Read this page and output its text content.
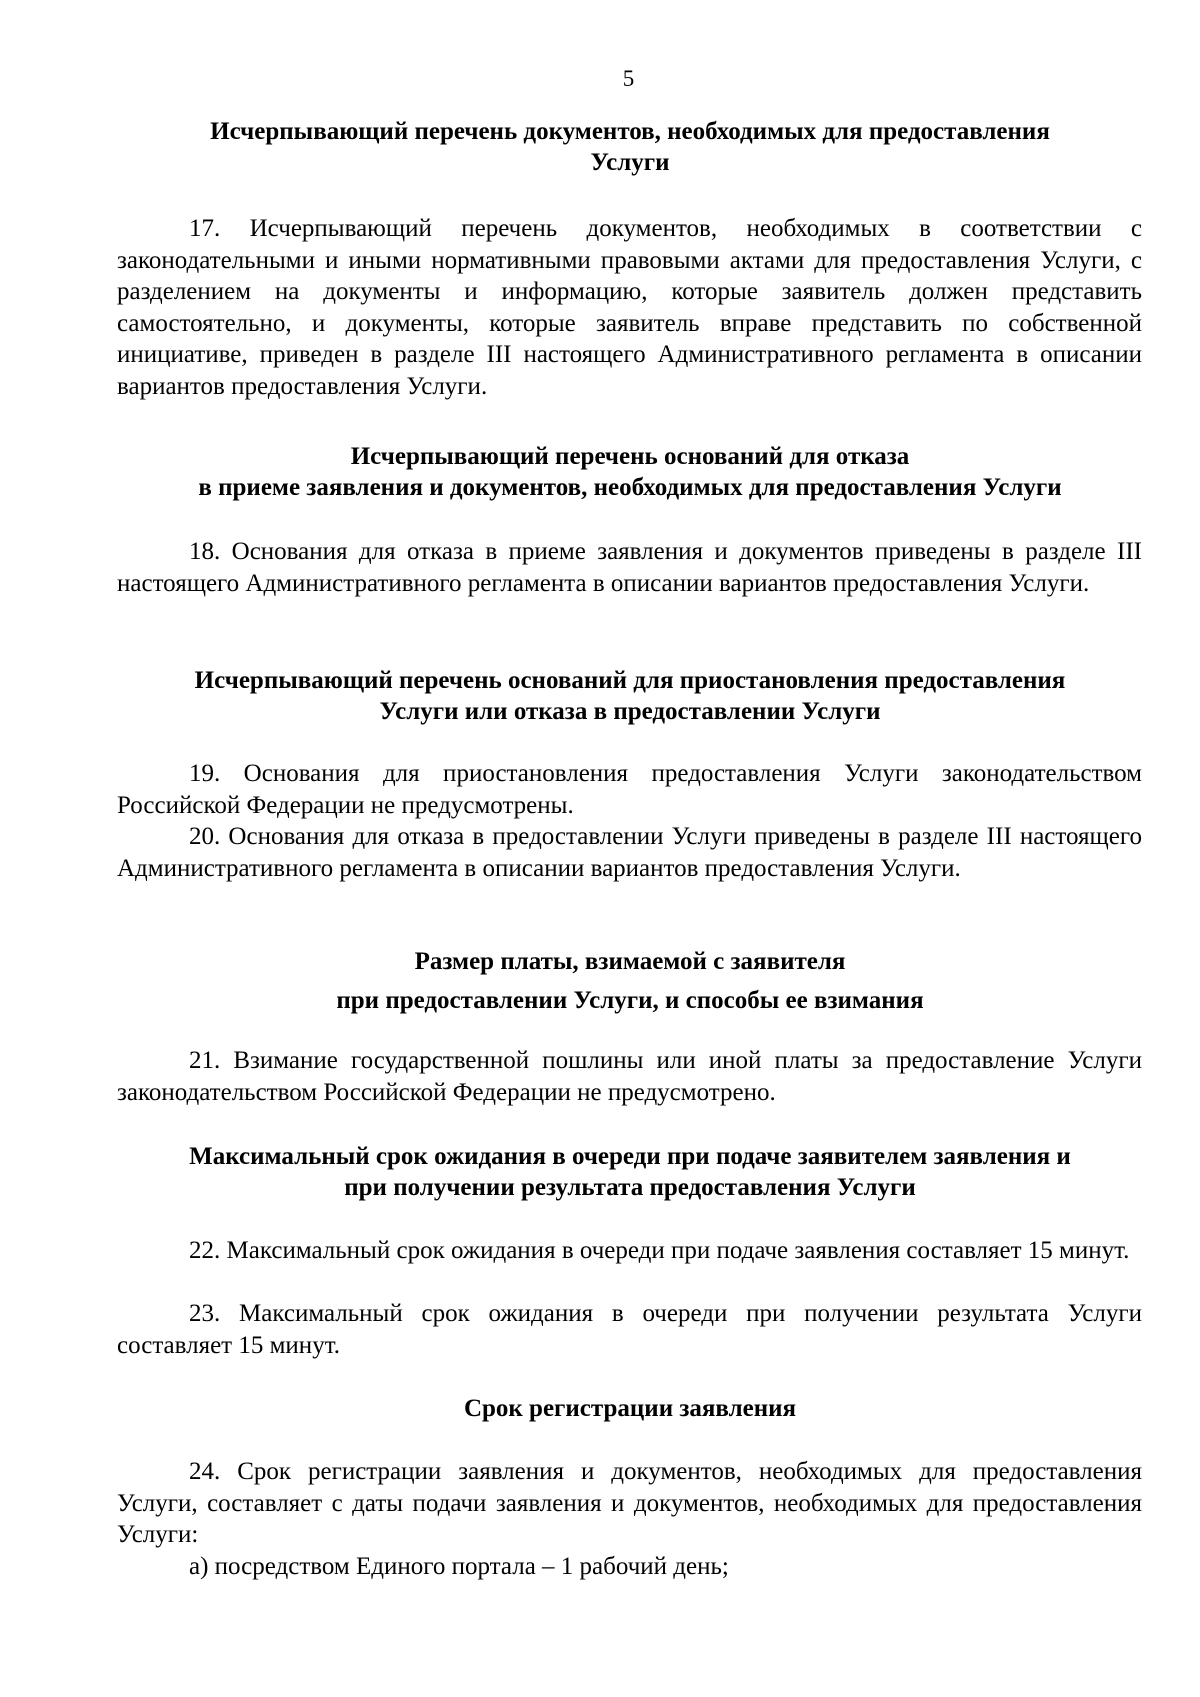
5
Исчерпывающий перечень документов, необходимых для предоставления
Услуги

17. Исчерпывающий перечень документов, необходимых в соответствии с законодательными и иными нормативными правовыми актами для предоставления Услуги, с разделением на документы и информацию, которые заявитель должен представить самостоятельно, и документы, которые заявитель вправе представить по собственной инициативе, приведен в разделе III настоящего Административного регламента в описании вариантов предоставления Услуги.

Исчерпывающий перечень оснований для отказа
в приеме заявления и документов, необходимых для предоставления Услуги

18. Основания для отказа в приеме заявления и документов приведены в разделе III настоящего Административного регламента в описании вариантов предоставления Услуги.

Исчерпывающий перечень оснований для приостановления предоставления
Услуги или отказа в предоставлении Услуги

19. Основания для приостановления предоставления Услуги законодательством Российской Федерации не предусмотрены.

20. Основания для отказа в предоставлении Услуги приведены в разделе III настоящего Административного регламента в описании вариантов предоставления Услуги.

Размер платы, взимаемой с заявителя
при предоставлении Услуги, и способы ее взимания

21. Взимание государственной пошлины или иной платы за предоставление Услуги законодательством Российской Федерации не предусмотрено.

Максимальный срок ожидания в очереди при подаче заявителем заявления и
при получении результата предоставления Услуги

22. Максимальный срок ожидания в очереди при подаче заявления составляет 15 минут.

23. Максимальный срок ожидания в очереди при получении результата Услуги составляет 15 минут.

Срок регистрации заявления

24. Срок регистрации заявления и документов, необходимых для предоставления Услуги, составляет с даты подачи заявления и документов, необходимых для предоставления Услуги:

а) посредством Единого портала – 1 рабочий день;
